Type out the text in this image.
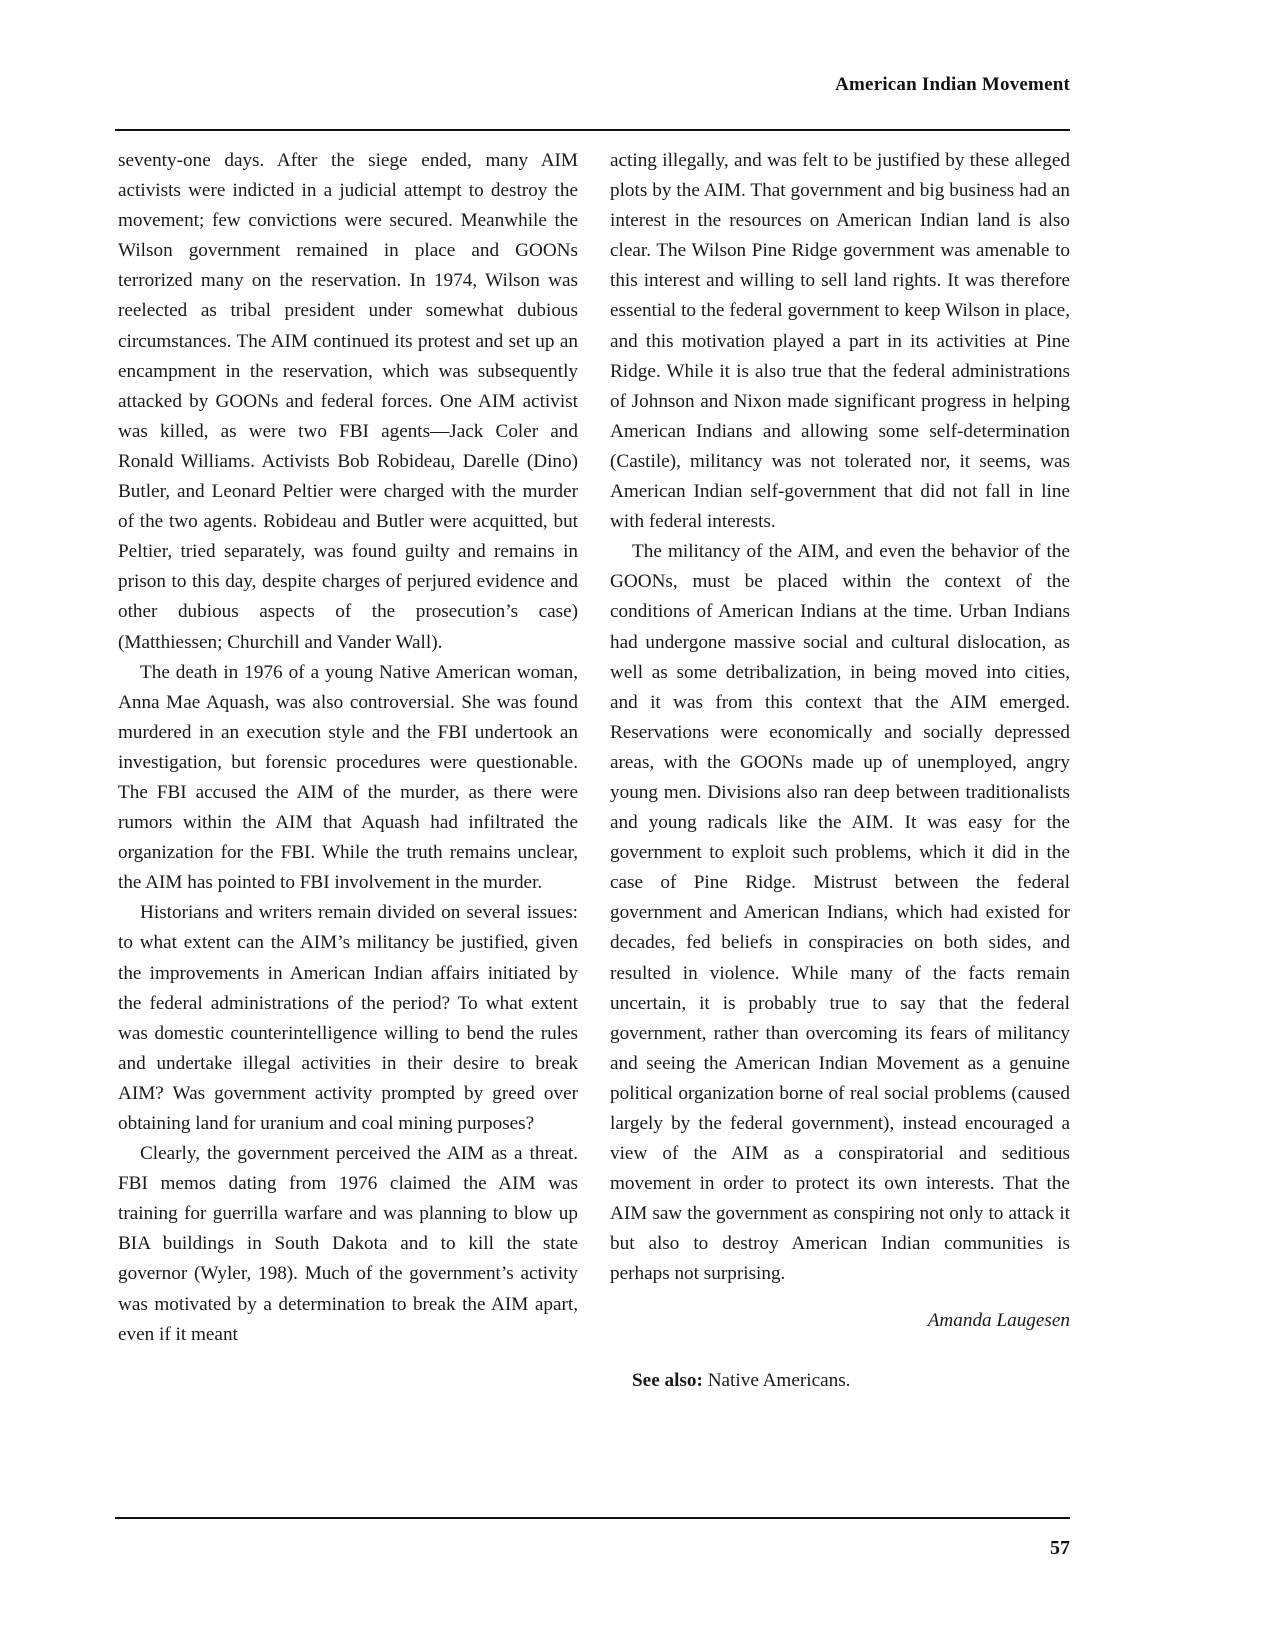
American Indian Movement

seventy-one days. After the siege ended, many AIM activists were indicted in a judicial attempt to destroy the movement; few convictions were secured. Meanwhile the Wilson government remained in place and GOONs terrorized many on the reservation. In 1974, Wilson was reelected as tribal president under somewhat dubious circumstances. The AIM continued its protest and set up an encampment in the reservation, which was subsequently attacked by GOONs and federal forces. One AIM activist was killed, as were two FBI agents—Jack Coler and Ronald Williams. Activists Bob Robideau, Darelle (Dino) Butler, and Leonard Peltier were charged with the murder of the two agents. Robideau and Butler were acquitted, but Peltier, tried separately, was found guilty and remains in prison to this day, despite charges of perjured evidence and other dubious aspects of the prosecution’s case) (Matthiessen; Churchill and Vander Wall).

The death in 1976 of a young Native American woman, Anna Mae Aquash, was also controversial. She was found murdered in an execution style and the FBI undertook an investigation, but forensic procedures were questionable. The FBI accused the AIM of the murder, as there were rumors within the AIM that Aquash had infiltrated the organization for the FBI. While the truth remains unclear, the AIM has pointed to FBI involvement in the murder.

Historians and writers remain divided on several issues: to what extent can the AIM’s militancy be justified, given the improvements in American Indian affairs initiated by the federal administrations of the period? To what extent was domestic counterintelligence willing to bend the rules and undertake illegal activities in their desire to break AIM? Was government activity prompted by greed over obtaining land for uranium and coal mining purposes?

Clearly, the government perceived the AIM as a threat. FBI memos dating from 1976 claimed the AIM was training for guerrilla warfare and was planning to blow up BIA buildings in South Dakota and to kill the state governor (Wyler, 198). Much of the government’s activity was motivated by a determination to break the AIM apart, even if it meant

acting illegally, and was felt to be justified by these alleged plots by the AIM. That government and big business had an interest in the resources on American Indian land is also clear. The Wilson Pine Ridge government was amenable to this interest and willing to sell land rights. It was therefore essential to the federal government to keep Wilson in place, and this motivation played a part in its activities at Pine Ridge. While it is also true that the federal administrations of Johnson and Nixon made significant progress in helping American Indians and allowing some self-determination (Castile), militancy was not tolerated nor, it seems, was American Indian self-government that did not fall in line with federal interests.

The militancy of the AIM, and even the behavior of the GOONs, must be placed within the context of the conditions of American Indians at the time. Urban Indians had undergone massive social and cultural dislocation, as well as some detribalization, in being moved into cities, and it was from this context that the AIM emerged. Reservations were economically and socially depressed areas, with the GOONs made up of unemployed, angry young men. Divisions also ran deep between traditionalists and young radicals like the AIM. It was easy for the government to exploit such problems, which it did in the case of Pine Ridge. Mistrust between the federal government and American Indians, which had existed for decades, fed beliefs in conspiracies on both sides, and resulted in violence. While many of the facts remain uncertain, it is probably true to say that the federal government, rather than overcoming its fears of militancy and seeing the American Indian Movement as a genuine political organization borne of real social problems (caused largely by the federal government), instead encouraged a view of the AIM as a conspiratorial and seditious movement in order to protect its own interests. That the AIM saw the government as conspiring not only to attack it but also to destroy American Indian communities is perhaps not surprising.

Amanda Laugesen

See also: Native Americans.

57
